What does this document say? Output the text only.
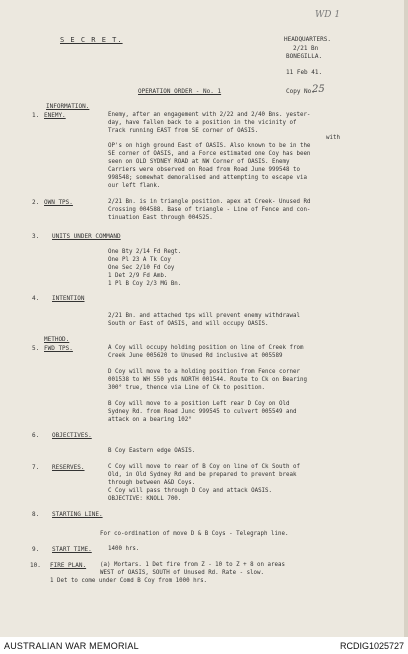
WD 1
S E C R E T.	HEADQUARTERS.
2/21 Bn
BONEGILLA.
11 Feb 41.
OPERATION ORDER - No. 1	Copy No.
25
INFORMATION.
1. ENEMY.	Enemy, after an engagement with 2/22 and 2/40 Bns. yester-
day, have fallen back to a position in the vicinity of
Track running EAST from SE corner of OASIS.
OP's on high ground East of OASIS. Also known to be in the
SE corner of OASIS, and a Force estimated one Coy has been
seen on OLD SYDNEY ROAD at NW Corner of OASIS. Enemy
Carriers were observed on Road from Road June 999548 to
998548; somewhat demoralised and attempting to escape via
our left flank.
with
2. OWN TPS.	2/21 Bn. is in triangle position. apex at Creek- Unused Rd
Crossing 004588. Base of triangle - Line of Fence and con-
tinuation East through 004525.
3. UNITS UNDER COMMAND
One Bty 2/14 Fd Regt.
One Pl 23 A Tk Coy
One Sec 2/10 Fd Coy
1 Det 2/9 Fd Amb.
1 Pl B Coy 2/3 MG Bn.
4. INTENTION
2/21 Bn. and attached tps will prevent enemy withdrawal
South or East of OASIS, and will occupy OASIS.
METHOD.
5. FWD TPS.	A Coy will occupy holding position on line of Creek from
Creek June 005620 to Unused Rd inclusive at 005589
D Coy will move to a holding position from Fence corner
001538 to WH 550 yds NORTH 001544. Route to Ck on Bearing
300° true, thence via Line of Ck to position.
B Coy will move to a position Left rear D Coy on Old
Sydney Rd. from Road Junc 999545 to culvert 005549 and
attack on a bearing 102°
6. OBJECTIVES.
B Coy Eastern edge OASIS.
7. RESERVES.	C Coy will move to rear of B Coy on line of Ck South of
Old, in Old Sydney Rd and be prepared to prevent break
through between A&D Coys.
C Coy will pass through D Coy and attack OASIS.
OBJECTIVE: KNOLL 700.
8. STARTING LINE.
For co-ordination of move D & B Coys - Telegraph line.
9. START TIME.	1400 hrs.
10. FIRE PLAN. (a) Mortars. 1 Det fire from Z - 10 to Z + 8 on areas
WEST of OASIS, SOUTH of Unused Rd. Rate - slow.
1 Det to come under Comd B Coy from 1000 hrs.
AUSTRALIAN WAR MEMORIAL	RCDIG1025727
